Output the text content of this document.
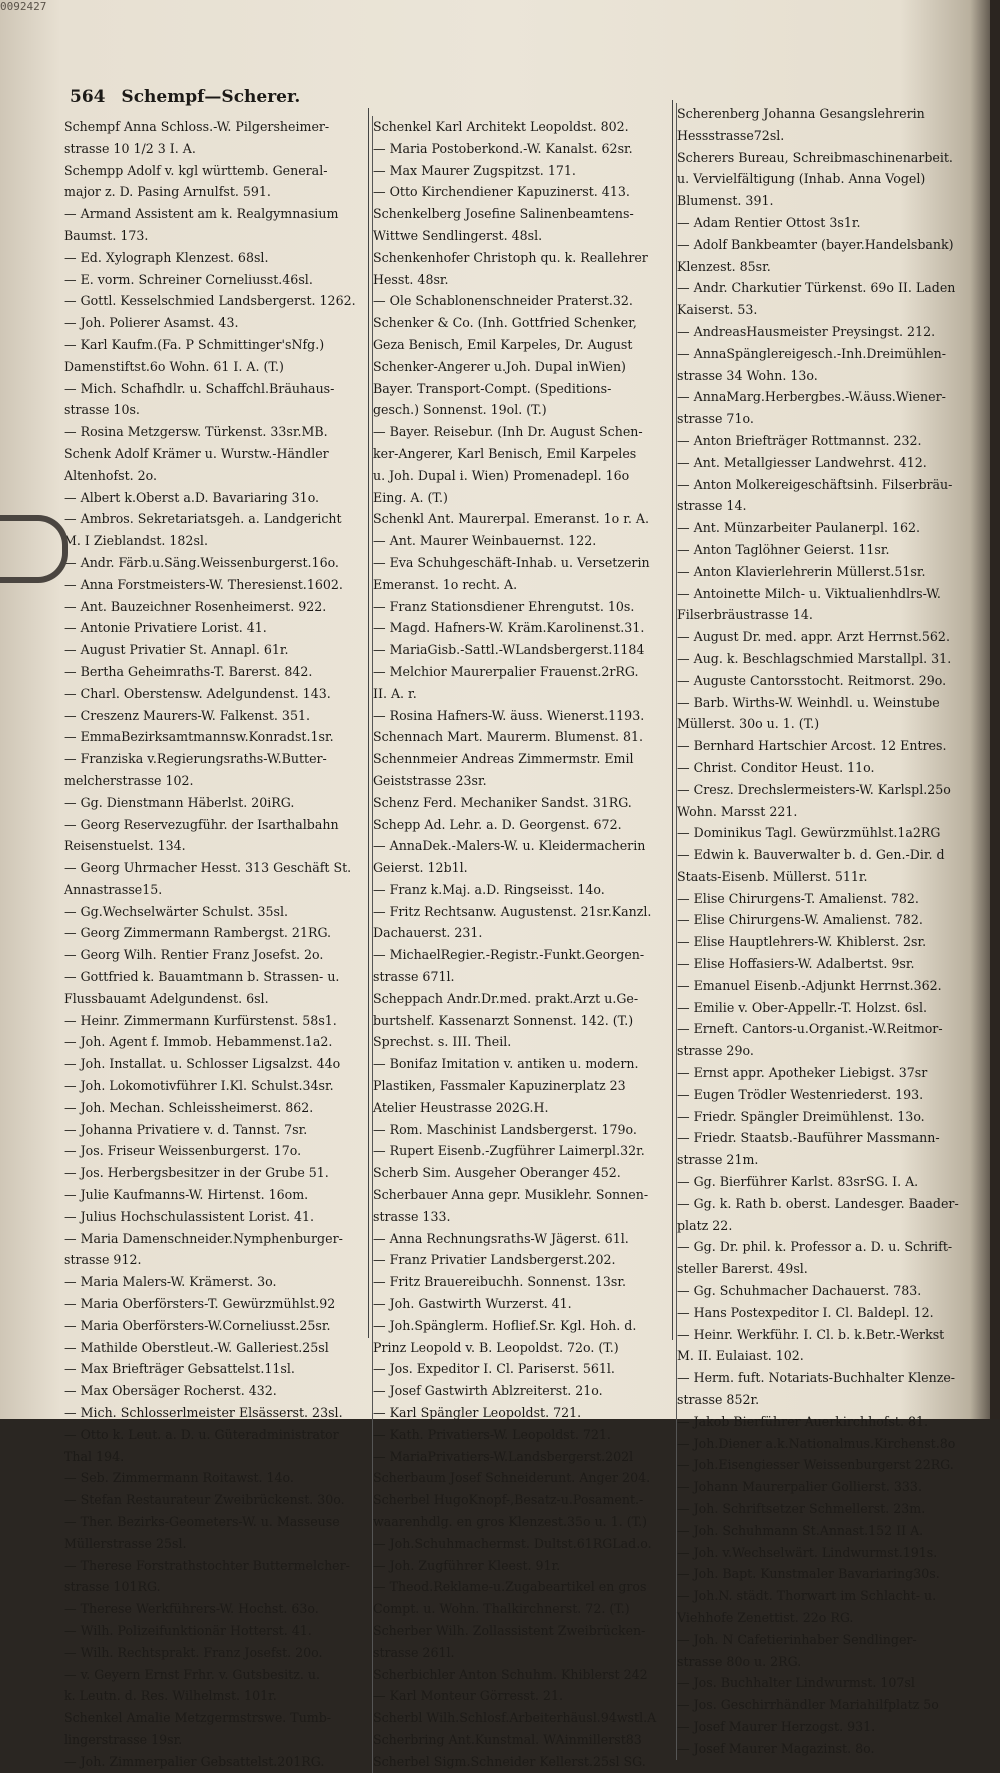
0092427
564 Schempf—Scherer.
Schempf Anna Schloss.-W. Pilgersheimer-
strasse 10 1/2 3 I. A.
Schempp Adolf v. kgl württemb. General-
major z. D. Pasing Arnulfst. 591.
— Armand Assistent am k. Realgymnasium
Baumst. 173.
— Ed. Xylograph Klenzest. 68sl.
— E. vorm. Schreiner Corneliusst.46sl.
— Gottl. Kesselschmied Landsbergerst. 1262.
— Joh. Polierer Asamst. 43.
— Karl Kaufm.(Fa. P Schmittinger'sNfg.)
Damenstiftst.6o Wohn. 61 I. A. (T.)
— Mich. Schafhdlr. u. Schaffchl.Bräuhaus-
strasse 10s.
— Rosina Metzgersw. Türkenst. 33sr.MB.
Schenk Adolf Krämer u. Wurstw.-Händler
Altenhofst. 2o.
— Albert k.Oberst a.D. Bavariaring 31o.
— Ambros. Sekretariatsgeh. a. Landgericht
M. I Zieblandst. 182sl.
— Andr. Färb.u.Säng.Weissenburgerst.16o.
— Anna Forstmeisters-W. Theresienst.1602.
— Ant. Bauzeichner Rosenheimerst. 922.
— Antonie Privatiere Lorist. 41.
— August Privatier St. Annapl. 61r.
— Bertha Geheimraths-T. Barerst. 842.
— Charl. Oberstensw. Adelgundenst. 143.
— Creszenz Maurers-W. Falkenst. 351.
— EmmaBezirksamtmannsw.Konradst.1sr.
— Franziska v.Regierungsraths-W.Butter-
melcherstrasse 102.
— Gg. Dienstmann Häberlst. 20iRG.
— Georg Reservezugführ. der Isarthalbahn
Reisenstuelst. 134.
— Georg Uhrmacher Hesst. 313 Geschäft St.
Annastrasse15.
— Gg.Wechselwärter Schulst. 35sl.
— Georg Zimmermann Rambergst. 21RG.
— Georg Wilh. Rentier Franz Josefst. 2o.
— Gottfried k. Bauamtmann b. Strassen- u.
Flussbauamt Adelgundenst. 6sl.
— Heinr. Zimmermann Kurfürstenst. 58s1.
— Joh. Agent f. Immob. Hebammenst.1a2.
— Joh. Installat. u. Schlosser Ligsalzst. 44o
— Joh. Lokomotivführer I.Kl. Schulst.34sr.
— Joh. Mechan. Schleissheimerst. 862.
— Johanna Privatiere v. d. Tannst. 7sr.
— Jos. Friseur Weissenburgerst. 17o.
— Jos. Herbergsbesitzer in der Grube 51.
— Julie Kaufmanns-W. Hirtenst. 16om.
— Julius Hochschulassistent Lorist. 41.
— Maria Damenschneider.Nymphenburger-
strasse 912.
— Maria Malers-W. Krämerst. 3o.
— Maria Oberförsters-T. Gewürzmühlst.92
— Maria Oberförsters-W.Corneliusst.25sr.
— Mathilde Oberstleut.-W. Galleriest.25sl
— Max Briefträger Gebsattelst.11sl.
— Max Obersäger Rocherst. 432.
— Mich. Schlosserlmeister Elsässerst. 23sl.
— Otto k. Leut. a. D. u. Güteradministrator
Thal 194.
— Seb. Zimmermann Roitawst. 14o.
— Stefan Restaurateur Zweibrückenst. 30o.
— Ther. Bezirks-Geometers-W. u. Masseuse
Müllerstrasse 25sl.
— Therese Forstrathstochter Buttermelcher-
strasse 101RG.
— Therese Werkführers-W. Hochst. 63o.
— Wilh. Polizeifunktionär Hotterst. 41.
— Wilh. Rechtsprakt. Franz Josefst. 20o.
— v. Geyern Ernst Frhr. v. Gutsbesitz. u.
k. Leutn. d. Res. Wilhelmst. 101r.
Schenkel Amalie Metzgermstrswe. Tumb-
lingerstrasse 19sr.
— Joh. Zimmerpalier Gebsattelst.201RG.
Schenkel Karl Architekt Leopoldst. 802.
— Maria Postoberkond.-W. Kanalst. 62sr.
— Max Maurer Zugspitzst. 171.
— Otto Kirchendiener Kapuzinerst. 413.
Schenkelberg Josefine Salinenbeamtens-
Wittwe Sendlingerst. 48sl.
Schenkenhofer Christoph qu. k. Reallehrer
Hesst. 48sr.
— Ole Schablonenschneider Praterst.32.
Schenker & Co. (Inh. Gottfried Schenker,
Geza Benisch, Emil Karpeles, Dr. August
Schenker-Angerer u.Joh. Dupal inWien)
Bayer. Transport-Compt. (Speditions-
gesch.) Sonnenst. 19ol. (T.)
— Bayer. Reisebur. (Inh Dr. August Schen-
ker-Angerer, Karl Benisch, Emil Karpeles
u. Joh. Dupal i. Wien) Promenadepl. 16o
Eing. A. (T.)
Schenkl Ant. Maurerpal. Emeranst. 1o r. A.
— Ant. Maurer Weinbauernst. 122.
— Eva Schuhgeschäft-Inhab. u. Versetzerin
Emeranst. 1o recht. A.
— Franz Stationsdiener Ehrengutst. 10s.
— Magd. Hafners-W. Kräm.Karolinenst.31.
— MariaGisb.-Sattl.-WLandsbergerst.1184
— Melchior Maurerpalier Frauenst.2rRG.
II. A. r.
— Rosina Hafners-W. äuss. Wienerst.1193.
Schennach Mart. Maurerm. Blumenst. 81.
Schennmeier Andreas Zimmermstr. Emil
Geiststrasse 23sr.
Schenz Ferd. Mechaniker Sandst. 31RG.
Schepp Ad. Lehr. a. D. Georgenst. 672.
— AnnaDek.-Malers-W. u. Kleidermacherin
Geierst. 12b1l.
— Franz k.Maj. a.D. Ringseisst. 14o.
— Fritz Rechtsanw. Augustenst. 21sr.Kanzl.
Dachauerst. 231.
— MichaelRegier.-Registr.-Funkt.Georgen-
strasse 671l.
Scheppach Andr.Dr.med. prakt.Arzt u.Ge-
burtshelf. Kassenarzt Sonnenst. 142. (T.)
Sprechst. s. III. Theil.
— Bonifaz Imitation v. antiken u. modern.
Plastiken, Fassmaler Kapuzinerplatz 23
Atelier Heustrasse 202G.H.
— Rom. Maschinist Landsbergerst. 179o.
— Rupert Eisenb.-Zugführer Laimerpl.32r.
Scherb Sim. Ausgeher Oberanger 452.
Scherbauer Anna gepr. Musiklehr. Sonnen-
strasse 133.
— Anna Rechnungsraths-W Jägerst. 61l.
— Franz Privatier Landsbergerst.202.
— Fritz Brauereibuchh. Sonnenst. 13sr.
— Joh. Gastwirth Wurzerst. 41.
— Joh.Spänglerm. Hoflief.Sr. Kgl. Hoh. d.
Prinz Leopold v. B. Leopoldst. 72o. (T.)
— Jos. Expeditor I. Cl. Pariserst. 561l.
— Josef Gastwirth Ablzreiterst. 21o.
— Karl Spängler Leopoldst. 721.
— Kath. Privatiers-W. Leopoldst. 721.
— MariaPrivatiers-W.Landsbergerst.202l
Scherbaum Josef Schneiderunt. Anger 204.
Scherbel HugoKnopf-,Besatz-u.Posament.-
waarenhdlg. en gros Klenzest.35o u. 1. (T.)
— Joh.Schuhmachermst. Dultst.61RGLad.o.
— Joh. Zugführer Kleest. 91r.
— Theod.Reklame-u.Zugabeartikel en gros
Compt. u. Wohn. Thalkirchnerst. 72. (T.)
Scherber Wilh. Zollassistent Zweibrücken-
strasse 261l.
Scherbichler Anton Schuhm. Khiblerst 242
— Karl Monteur Görresst. 21.
Scherbl Wilh.Schlosf.Arbeiterhäusl.94wstl.A
Scherbring Ant.Kunstmal. WAinmillerst83
Scherbel Sigm.Schneider Kellerst.25sl SG.
Scherenberg Johanna Gesangslehrerin
Hessstrasse72sl.
Scherers Bureau, Schreibmaschinenarbeit.
u. Vervielfältigung (Inhab. Anna Vogel)
Blumenst. 391.
— Adam Rentier Ottost 3s1r.
— Adolf Bankbeamter (bayer.Handelsbank)
Klenzest. 85sr.
— Andr. Charkutier Türkenst. 69o II. Laden
Kaiserst. 53.
— AndreasHausmeister Preysingst. 212.
— AnnaSpänglereigesch.-Inh.Dreimühlen-
strasse 34 Wohn. 13o.
— AnnaMarg.Herbergbes.-W.äuss.Wiener-
strasse 71o.
— Anton Briefträger Rottmannst. 232.
— Ant. Metallgiesser Landwehrst. 412.
— Anton Molkereigeschäftsinh. Filserbräu-
strasse 14.
— Ant. Münzarbeiter Paulanerpl. 162.
— Anton Taglöhner Geierst. 11sr.
— Anton Klavierlehrerin Müllerst.51sr.
— Antoinette Milch- u. Viktualienhdlrs-W.
Filserbräustrasse 14.
— August Dr. med. appr. Arzt Herrnst.562.
— Aug. k. Beschlagschmied Marstallpl. 31.
— Auguste Cantorsstocht. Reitmorst. 29o.
— Barb. Wirths-W. Weinhdl. u. Weinstube
Müllerst. 30o u. 1. (T.)
— Bernhard Hartschier Arcost. 12 Entres.
— Christ. Conditor Heust. 11o.
— Cresz. Drechslermeisters-W. Karlspl.25o
Wohn. Marsst 221.
— Dominikus Tagl. Gewürzmühlst.1a2RG
— Edwin k. Bauverwalter b. d. Gen.-Dir. d
Staats-Eisenb. Müllerst. 511r.
— Elise Chirurgens-T. Amalienst. 782.
— Elise Chirurgens-W. Amalienst. 782.
— Elise Hauptlehrers-W. Khiblerst. 2sr.
— Elise Hoffasiers-W. Adalbertst. 9sr.
— Emanuel Eisenb.-Adjunkt Herrnst.362.
— Emilie v. Ober-Appellr.-T. Holzst. 6sl.
— Erneft. Cantors-u.Organist.-W.Reitmor-
strasse 29o.
— Ernst appr. Apotheker Liebigst. 37sr
— Eugen Trödler Westenriederst. 193.
— Friedr. Spängler Dreimühlenst. 13o.
— Friedr. Staatsb.-Bauführer Massmann-
strasse 21m.
— Gg. Bierführer Karlst. 83srSG. I. A.
— Gg. k. Rath b. oberst. Landesger. Baader-
platz 22.
— Gg. Dr. phil. k. Professor a. D. u. Schrift-
steller Barerst. 49sl.
— Gg. Schuhmacher Dachauerst. 783.
— Hans Postexpeditor I. Cl. Baldepl. 12.
— Heinr. Werkführ. I. Cl. b. k.Betr.-Werkst
M. II. Eulaiast. 102.
— Herm. fuft. Notariats-Buchhalter Klenze-
strasse 852r.
— Jakob Bierführer Auerkirchhofst. 81.
— Joh.Diener a.k.Nationalmus.Kirchenst.8o
— Joh.Eisengiesser Weissenburgerst 22RG.
— Johann Maurerpalier Gollierst. 333.
— Joh. Schriftsetzer Schmellerst. 23m.
— Joh. Schuhmann St.Annast.152 II A.
— Joh. v.Wechselwärt. Lindwurmst.191s.
— Joh. Bapt. Kunstmaler Bavariaring30s.
— Joh.N. städt. Thorwart im Schlacht- u.
Viehhofe Zenettist. 22o RG.
— Joh. N Cafetierinhaber Sendlinger-
strasse 80o u. 2RG.
— Jos. Buchhalter Lindwurmst. 107sl
— Jos. Geschirrhändler Mariahilfplatz 5o
— Josef Maurer Herzogst. 931.
— Josef Maurer Magazinst. 8o.
